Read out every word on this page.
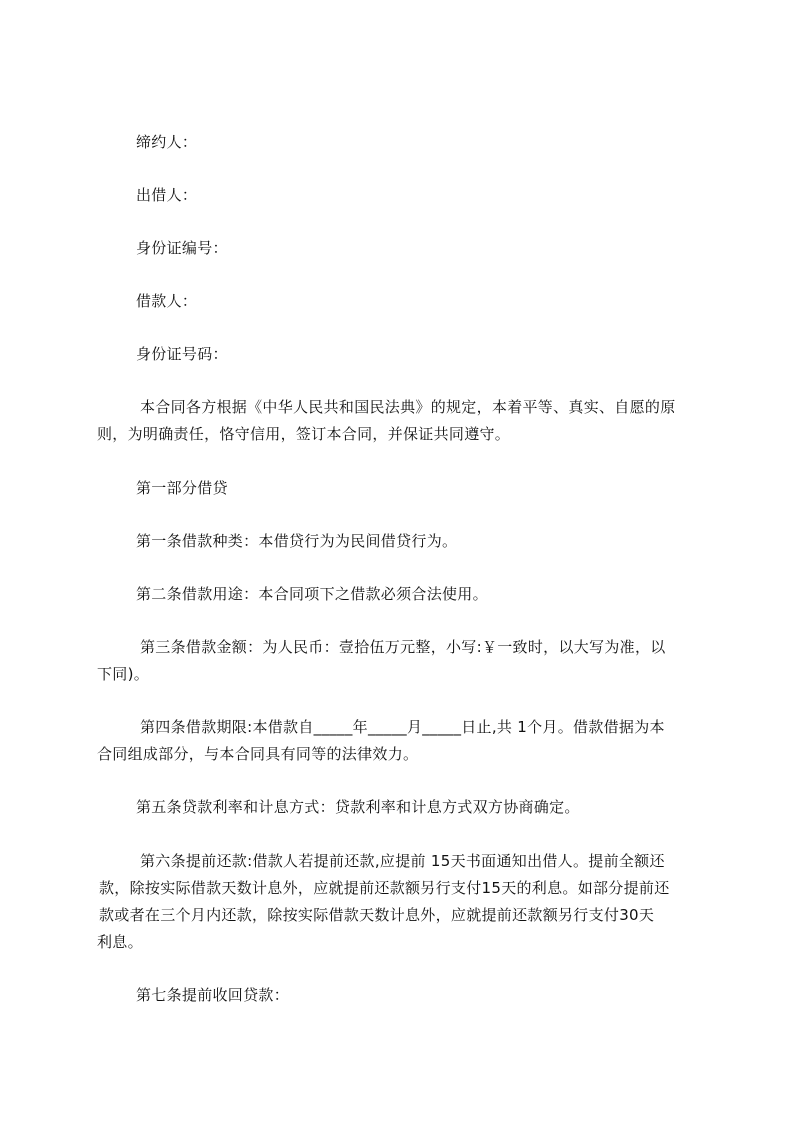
缔约人：
出借人：
身份证编号：
借款人：
身份证号码：
本合同各方根据《中华人民共和国民法典》的规定，本着平等、真实、自愿的原
则，为明确责任，恪守信用，签订本合同，并保证共同遵守。
第一部分借贷
第一条借款种类：本借贷行为为民间借贷行为。
第二条借款用途：本合同项下之借款必须合法使用。
第三条借款金额：为人民币：壹拾伍万元整，小写:￥一致时，以大写为准，以
下同)。
第四条借款期限:本借款自_____年_____月_____日止,共 1个月。借款借据为本
合同组成部分，与本合同具有同等的法律效力。
第五条贷款利率和计息方式：贷款利率和计息方式双方协商确定。
第六条提前还款:借款人若提前还款,应提前 15天书面通知出借人。提前全额还
款，除按实际借款天数计息外，应就提前还款额另行支付15天的利息。如部分提前还
款或者在三个月内还款，除按实际借款天数计息外，应就提前还款额另行支付30天
利息。
第七条提前收回贷款：
